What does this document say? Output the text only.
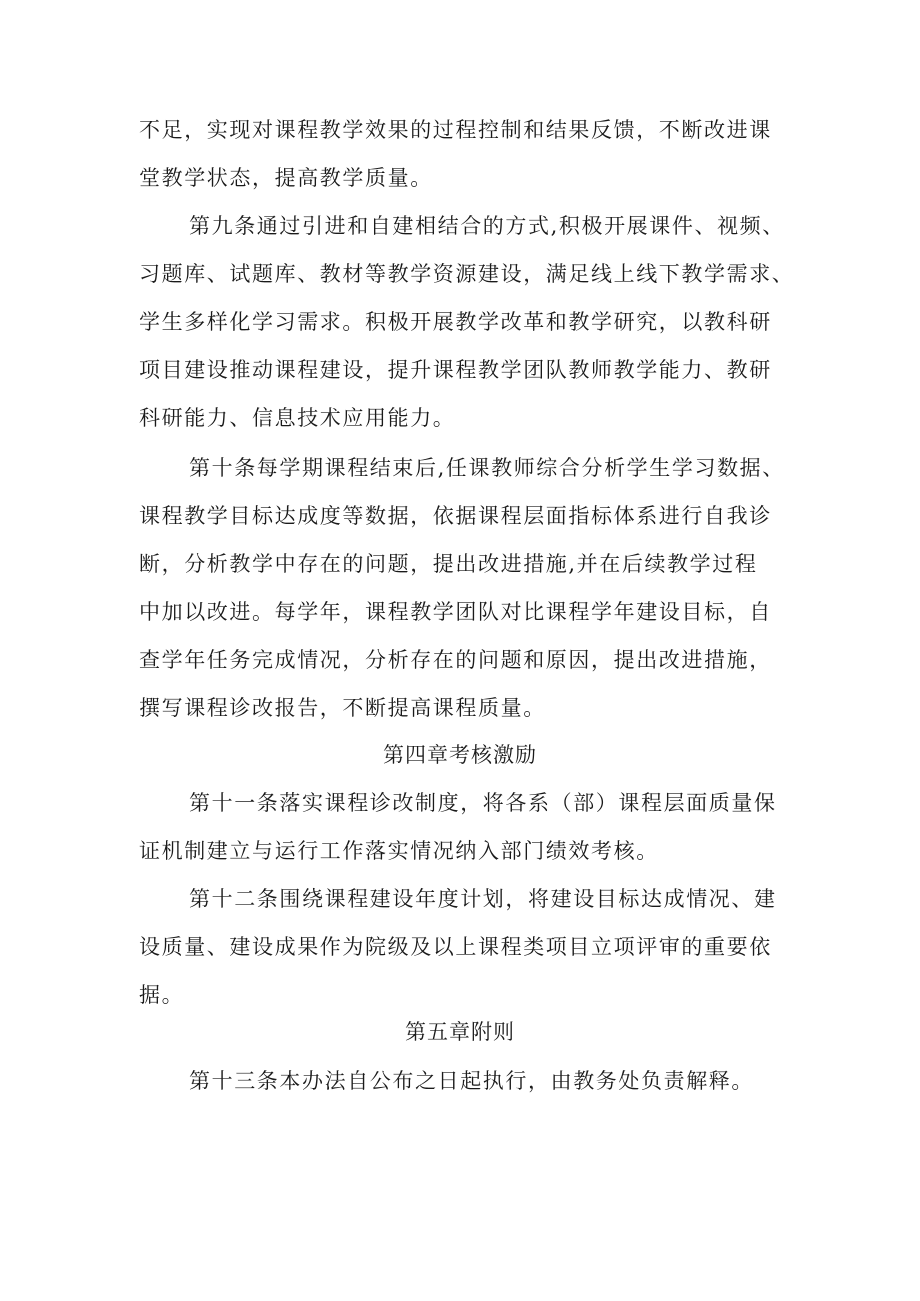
不足，实现对课程教学效果的过程控制和结果反馈，不断改进课
堂教学状态，提高教学质量。
第九条通过引进和自建相结合的方式,积极开展课件、视频、
习题库、试题库、教材等教学资源建设，满足线上线下教学需求、
学生多样化学习需求。积极开展教学改革和教学研究，以教科研
项目建设推动课程建设，提升课程教学团队教师教学能力、教研
科研能力、信息技术应用能力。
第十条每学期课程结束后,任课教师综合分析学生学习数据、
课程教学目标达成度等数据，依据课程层面指标体系进行自我诊
断，分析教学中存在的问题，提出改进措施,并在后续教学过程
中加以改进。每学年，课程教学团队对比课程学年建设目标，自
查学年任务完成情况，分析存在的问题和原因，提出改进措施，
撰写课程诊改报告，不断提高课程质量。
第四章考核激励
第十一条落实课程诊改制度，将各系（部）课程层面质量保
证机制建立与运行工作落实情况纳入部门绩效考核。
第十二条围绕课程建设年度计划，将建设目标达成情况、建
设质量、建设成果作为院级及以上课程类项目立项评审的重要依
据。
第五章附则
第十三条本办法自公布之日起执行，由教务处负责解释。
